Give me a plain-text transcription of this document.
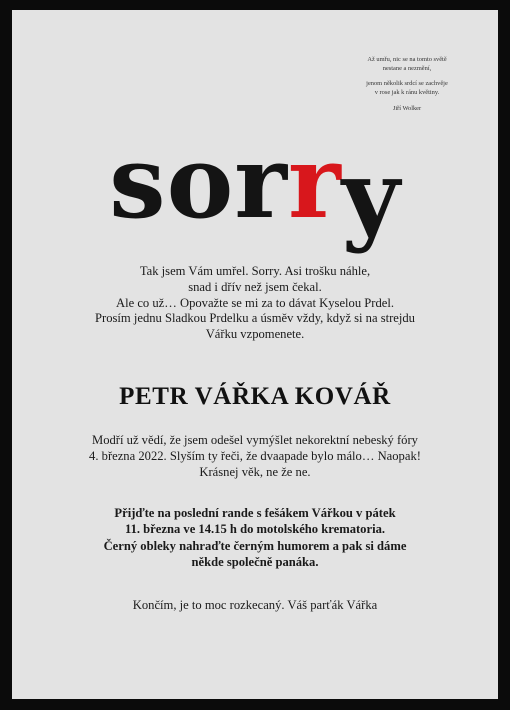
Až umřu, nic se na tomto světě
nestane a nezmění,
jenom několik srdcí se zachvěje
v rose jak k ránu květiny.
Jiří Wolker
sorry
Tak jsem Vám umřel. Sorry. Asi trošku náhle,
snad i dřív než jsem čekal.
Ale co už… Opovažte se mi za to dávat Kyselou Prdel.
Prosím jednu Sladkou Prdelku a úsměv vždy, když si na strejdu
Vářku vzpomenete.
PETR VÁŘKA KOVÁŘ
Modří už vědí, že jsem odešel vymýšlet nekorektní nebeský fóry
4. března 2022. Slyším ty řeči, že dvaapade bylo málo… Naopak!
Krásnej věk, ne že ne.
Přijďte na poslední rande s fešákem Vářkou v pátek
11. března ve 14.15 h do motolského krematoria.
Černý obleky nahraďte černým humorem a pak si dáme
někde společně panáka.
Končím, je to moc rozkecaný. Váš parťák Vářka
